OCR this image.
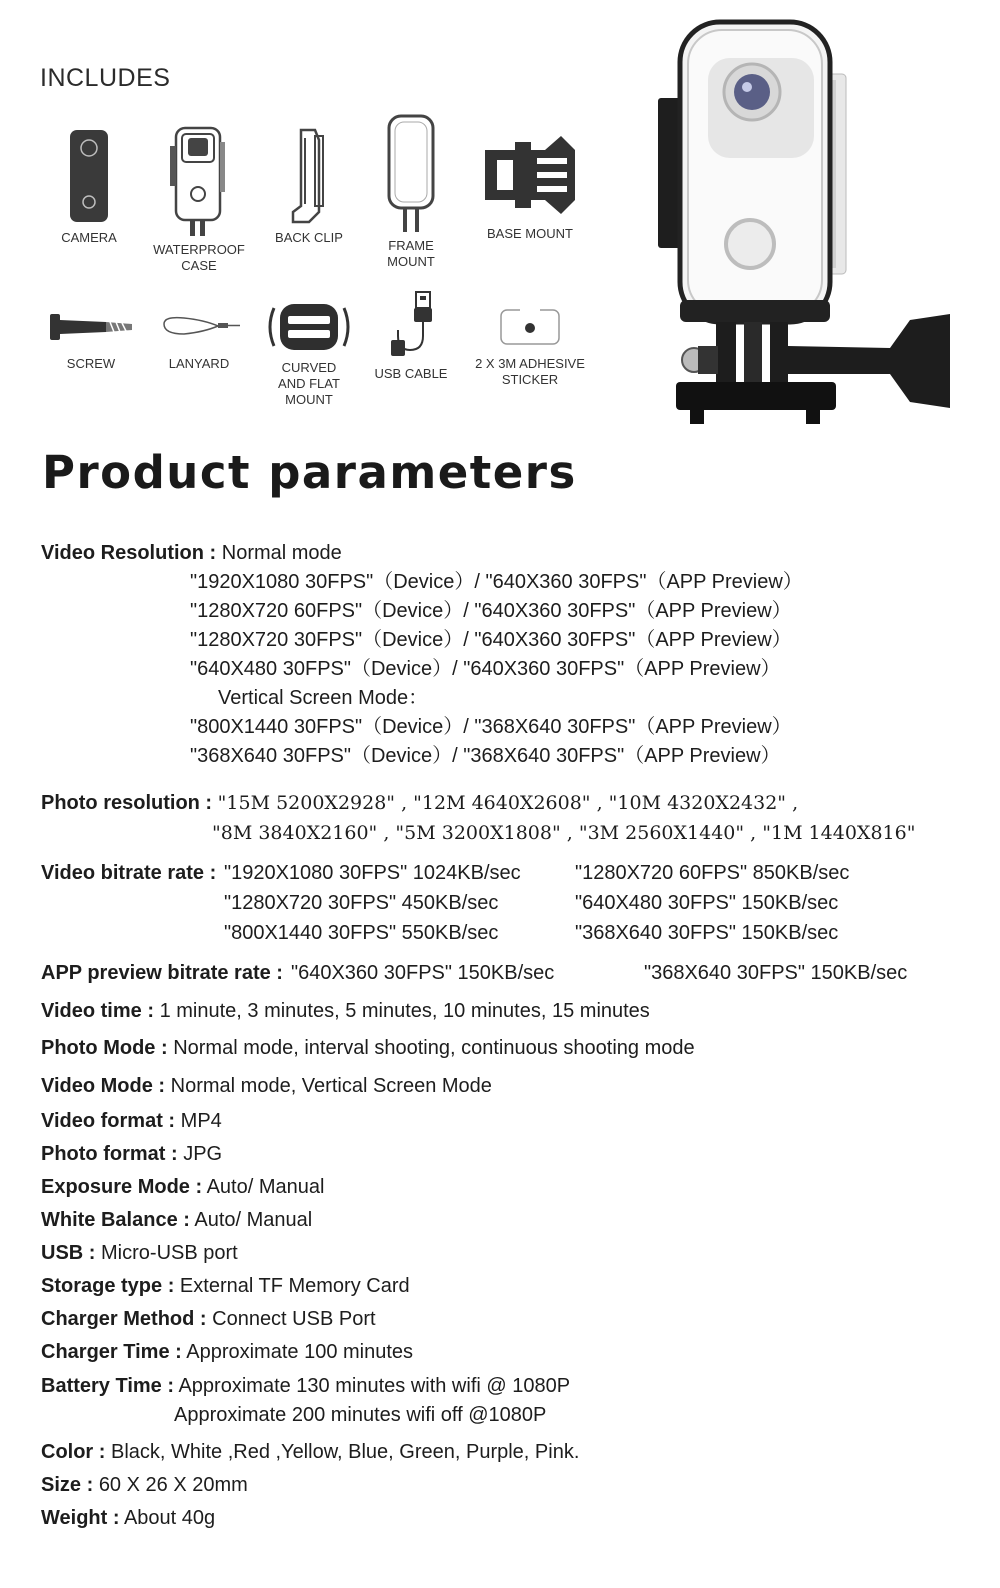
INCLUDES
CAMERA
WATERPROOF
CASE
BACK CLIP
FRAME
MOUNT
BASE MOUNT
SCREW	LANYARD	CURVED
AND FLAT
MOUNT
USB CABLE
2 X 3M ADHESIVE
STICKER
Product parameters
Video Resolution : Normal mode
"1920X1080 30FPS"（Device）/ "640X360 30FPS"（APP Preview）
"1280X720 60FPS"（Device）/ "640X360 30FPS"（APP Preview）
"1280X720 30FPS"（Device）/ "640X360 30FPS"（APP Preview）
"640X480 30FPS"（Device）/ "640X360 30FPS"（APP Preview）
Vertical Screen Mode：
"800X1440 30FPS"（Device）/ "368X640 30FPS"（APP Preview）
"368X640 30FPS"（Device）/ "368X640 30FPS"（APP Preview）
Photo resolution : "15M 5200X2928" , "12M 4640X2608" , "10M 4320X2432" ,
"8M 3840X2160" , "5M 3200X1808" , "3M 2560X1440" , "1M 1440X816"
Video bitrate rate : "1920X1080 30FPS" 1024KB/sec	"1280X720 60FPS" 850KB/sec
"1280X720 30FPS" 450KB/sec	"640X480 30FPS" 150KB/sec
"800X1440 30FPS" 550KB/sec	"368X640 30FPS" 150KB/sec
APP preview bitrate rate : "640X360 30FPS" 150KB/sec	"368X640 30FPS" 150KB/sec
Video time : 1 minute, 3 minutes, 5 minutes, 10 minutes, 15 minutes
Photo Mode : Normal mode, interval shooting, continuous shooting mode
Video Mode : Normal mode, Vertical Screen Mode
Video format : MP4
Photo format : JPG
Exposure Mode : Auto/ Manual
White Balance : Auto/ Manual
USB : Micro-USB port
Storage type : External TF Memory Card
Charger Method : Connect USB Port
Charger Time : Approximate 100 minutes
Battery Time : Approximate 130 minutes with wifi @ 1080P
Approximate 200 minutes wifi off @1080P
Color : Black, White ,Red ,Yellow, Blue, Green, Purple, Pink.
Size : 60 X 26 X 20mm
Weight : About 40g
